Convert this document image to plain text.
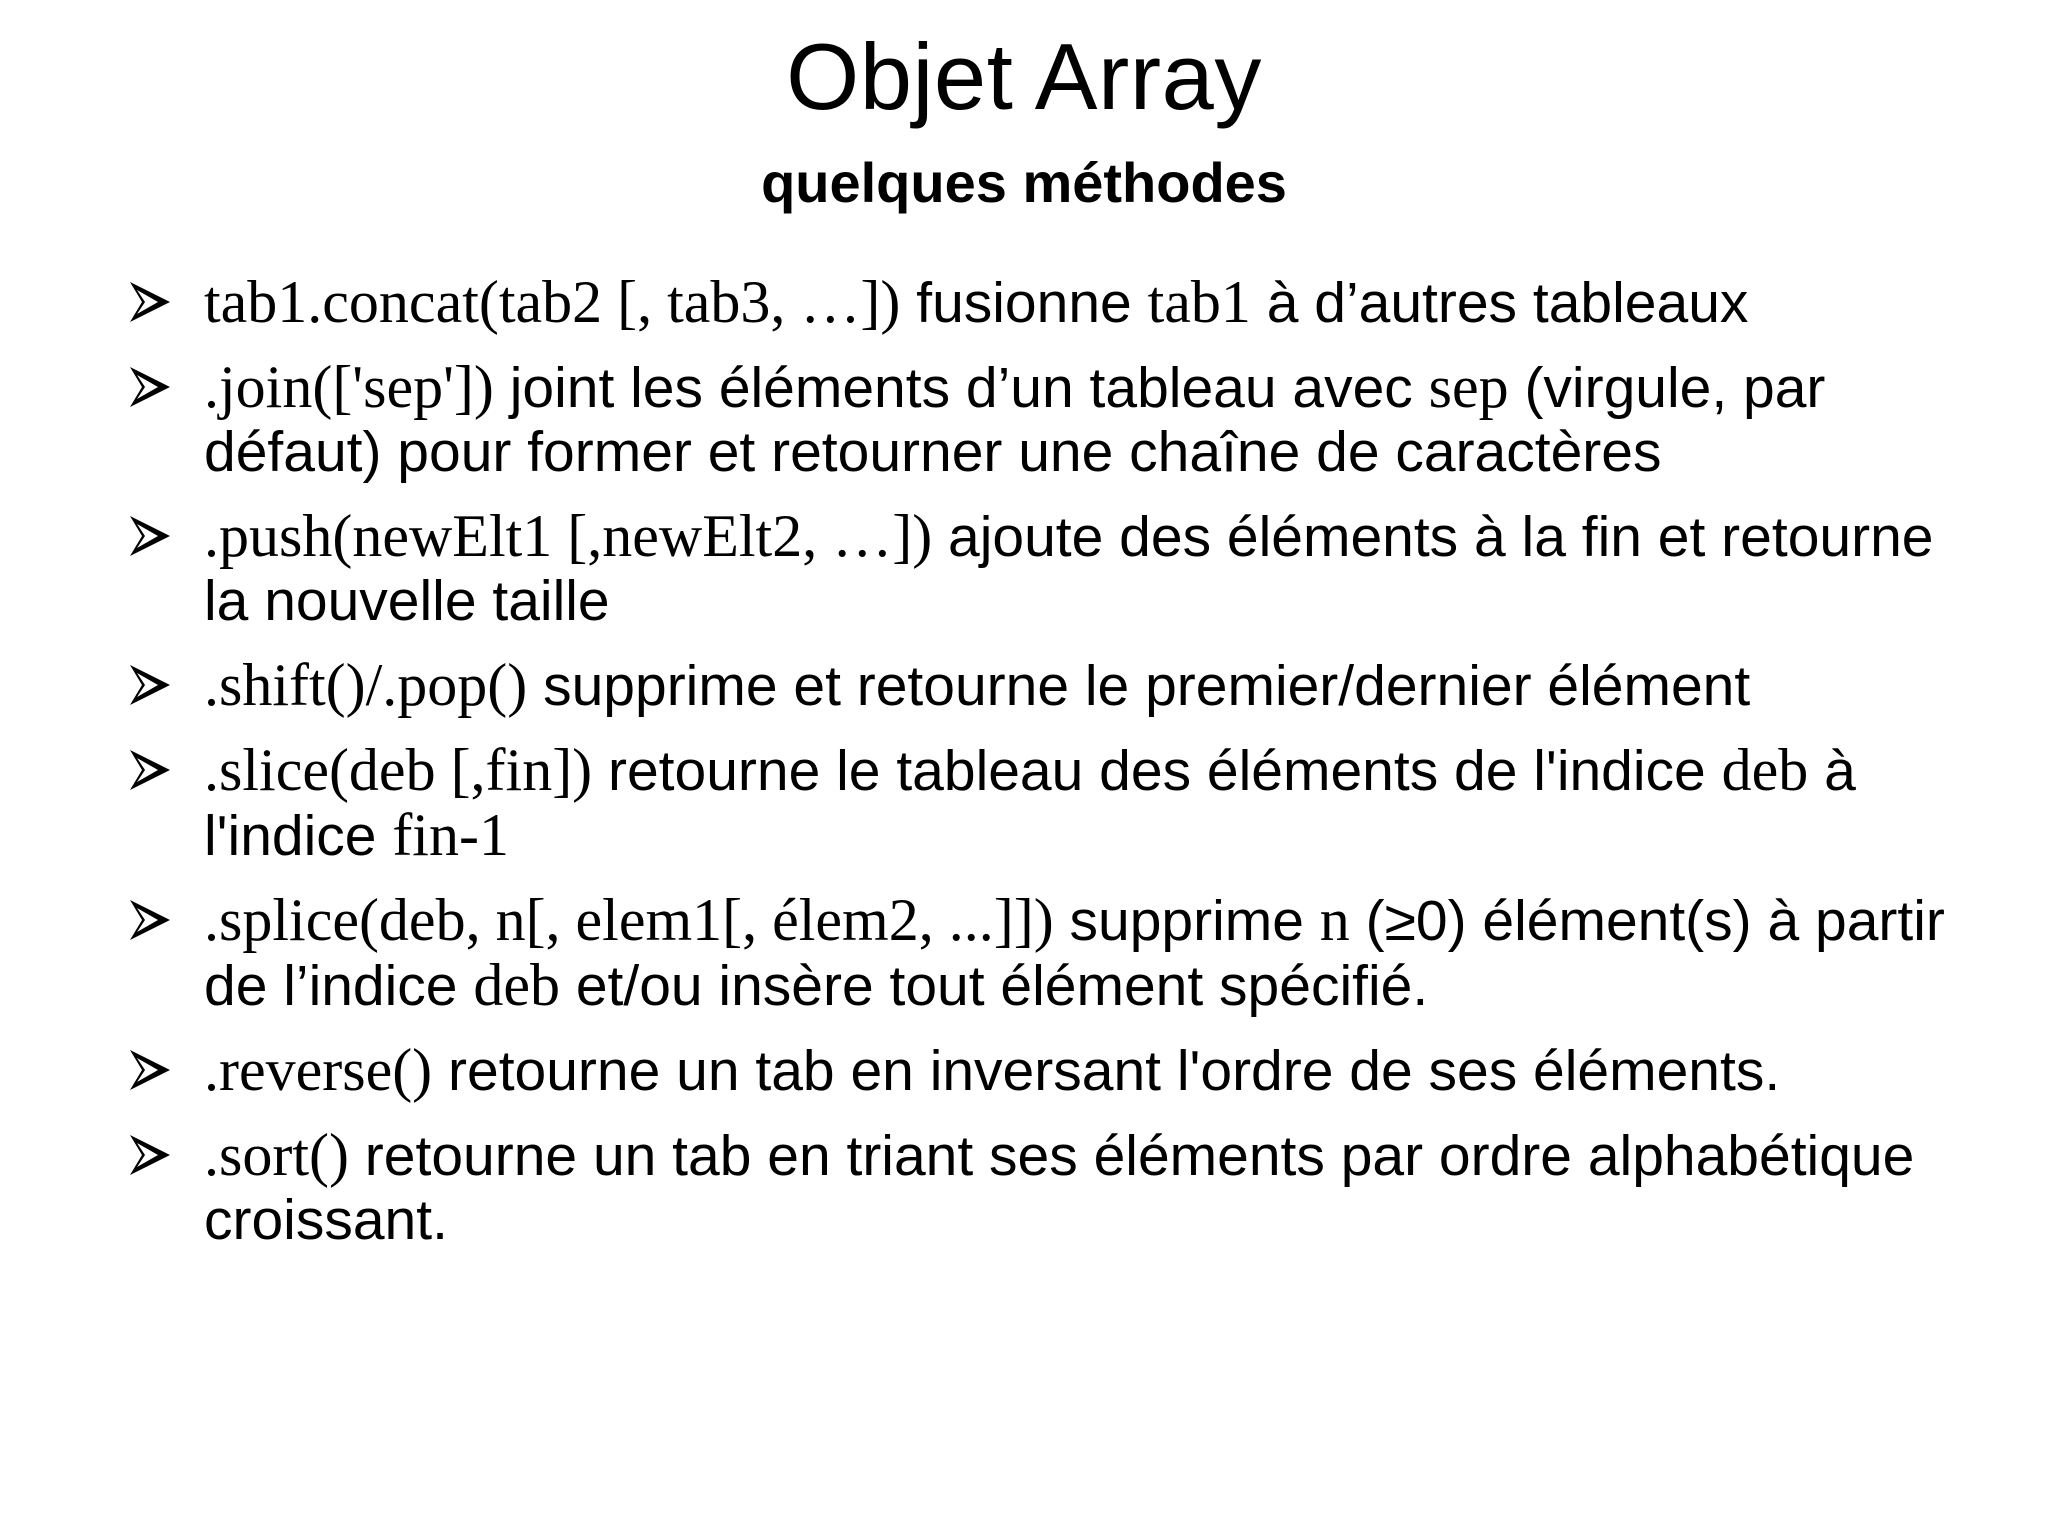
Objet Array
quelques méthodes
tab1.concat(tab2 [, tab3, …]) fusionne tab1 à d’autres tableaux
.join(['sep']) joint les éléments d’un tableau avec sep (virgule, par défaut) pour former et retourner une chaîne de caractères
.push(newElt1 [,newElt2, …]) ajoute des éléments à la fin et retourne la nouvelle taille
.shift()/.pop() supprime et retourne le premier/dernier élément
.slice(deb [,fin]) retourne le tableau des éléments de l'indice deb à l'indice fin-1
.splice(deb, n[, elem1[, élem2, ...]]) supprime n (≥0) élément(s) à partir de l’indice deb et/ou insère tout élément spécifié.
.reverse() retourne un tab en inversant l'ordre de ses éléments.
.sort() retourne un tab en triant ses éléments par ordre alphabétique croissant.
